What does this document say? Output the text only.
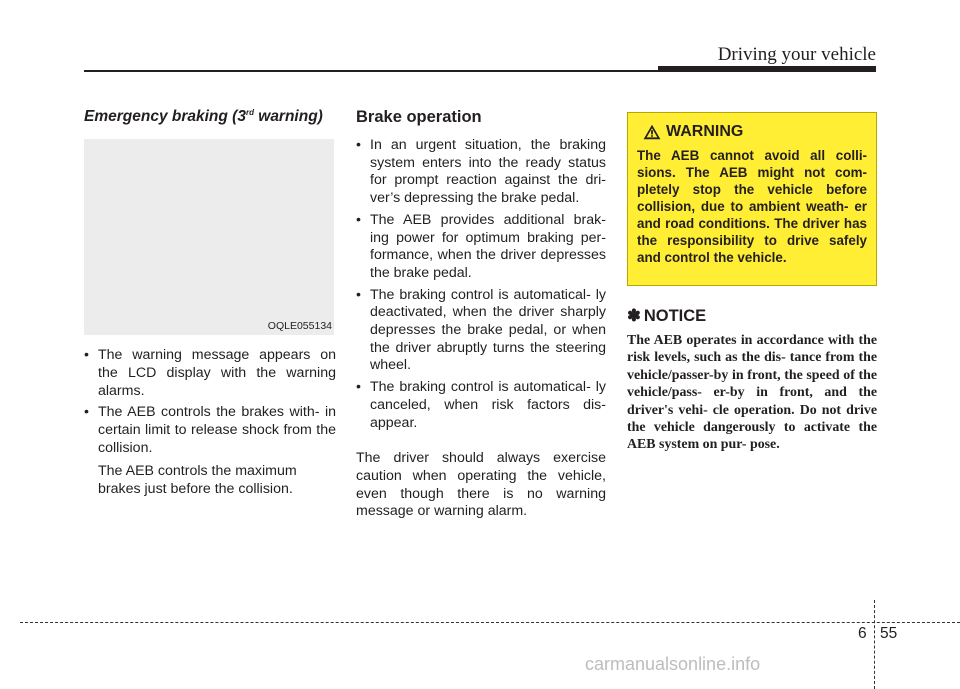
Driving your vehicle
Emergency braking (3rd warning)
OQLE055134
• The warning message appears on the LCD display with the warning alarms.
• The AEB controls the brakes with- in certain limit to release shock from the collision.
The AEB controls the maximum brakes just before the collision.
Brake operation
• In an urgent situation, the braking system enters into the ready status for prompt reaction against the dri- ver’s depressing the brake pedal.
• The AEB provides additional brak- ing power for optimum braking per- formance, when the driver depresses the brake pedal.
• The braking control is automatical- ly deactivated, when the driver sharply depresses the brake pedal, or when the driver abruptly turns the steering wheel.
• The braking control is automatical- ly canceled, when risk factors dis- appear.
The driver should always exercise caution when operating the vehicle, even though there is no warning message or warning alarm.
WARNING
The AEB cannot avoid all colli- sions. The AEB might not com- pletely stop the vehicle before collision, due to ambient weath- er and road conditions. The driver has the responsibility to drive safely and control the vehicle.
✽ NOTICE
The AEB operates in accordance with the risk levels, such as the dis- tance from the vehicle/passer-by in front, the speed of the vehicle/pass- er-by in front, and the driver's vehi- cle operation. Do not drive the vehicle dangerously to activate the AEB system on pur- pose.
6 55
carmanualsonline.info
